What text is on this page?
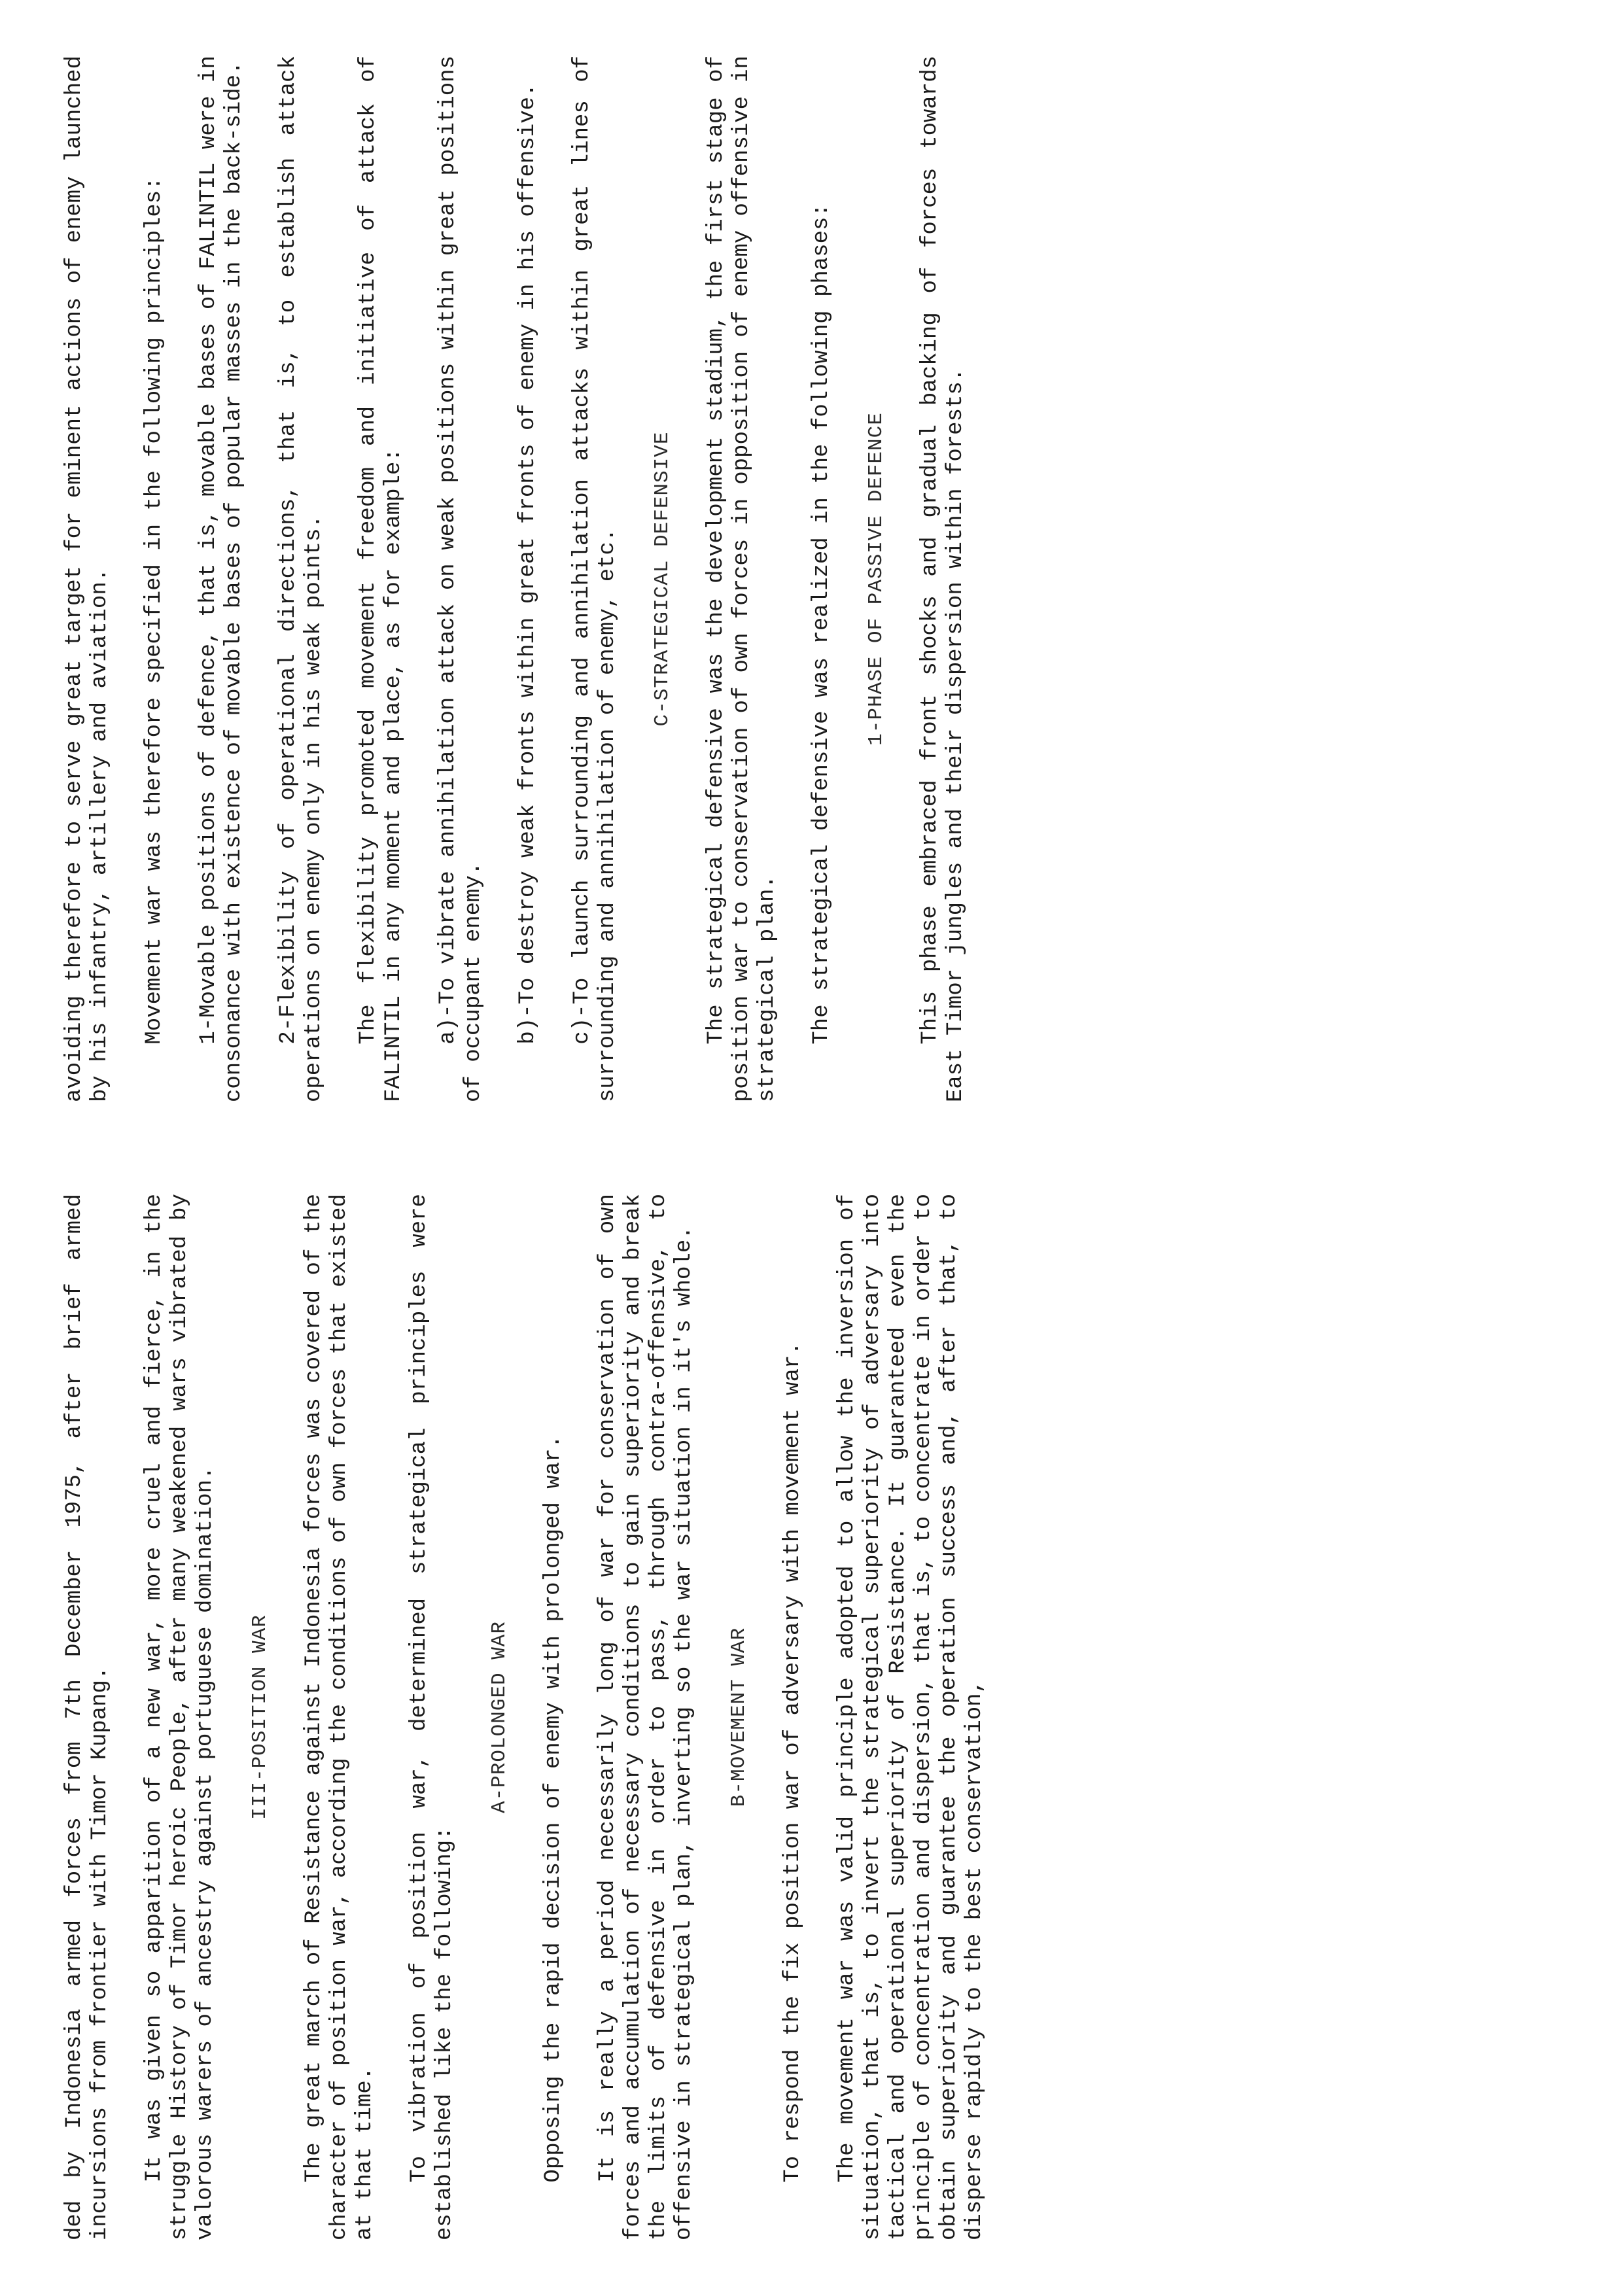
ded by Indonesia armed forces from 7th December 1975, after brief armed incursions from frontier with Timor Kupang. It was given so apparition of a new war, more cruel and fierce, in the struggle History of Timor heroic People, after many weakened wars vibrated by valorous warers of ancestry against portuguese domination. III-POSITION WAR The great march of Resistance against Indonesia forces was covered of the character of position war, according the conditions of own forces that existed at that time. To vibration of position war, determined strategical principles were established like the following:

A-PROLONGED WAR Opposing the rapid decision of enemy with prolonged war. It is really a period necessarily long of war for conservation of own forces and accumulation of necessary conditions to gain superiority and break the limits of defensive in order to pass, through contra-offensive, to offensive in strategical plan, inverting so the war situation in it's whole. B-MOVEMENT WAR To respond the fix position war of adversary with movement war. The movement war was valid principle adopted to allow the inversion of situation, that is, to invert the strategical superiority of adversary into tactical and operational superiority of Resistance. It guaranteed even the principle of concentration and dispersion, that is, to concentrate in order to obtain superiority and guarantee the operation success and, after that, to disperse rapidly to the best conservation,

avoiding therefore to serve great target for eminent actions of enemy launched by his infantry, artillery and aviation. Movement war was therefore specified in the following principles: 1-Movable positions of defence, that is, movable bases of FALINTIL were in consonance with existence of movable bases of popular masses in the back-side. 2-Flexibility of operational directions, that is, to establish attack operations on enemy only in his weak points. The flexibility promoted movement freedom and initiative of attack of FALINTIL in any moment and place, as for example: a)-To vibrate annihilation attack on weak positions within great positions of occupant enemy. b)-To destroy weak fronts within great fronts of enemy in his offensive. c)-To launch surrounding and annihilation attacks within great lines of surrounding and annihilation of enemy, etc. C-STRATEGICAL DEFENSIVE The strategical defensive was the development stadium, the first stage of position war to conservation of own forces in opposition of enemy offensive in strategical plan. The strategical defensive was realized in the following phases: 1-PHASE OF PASSIVE DEFENCE This phase embraced front shocks and gradual backing of forces towards East Timor jungles and their dispersion within forests.
